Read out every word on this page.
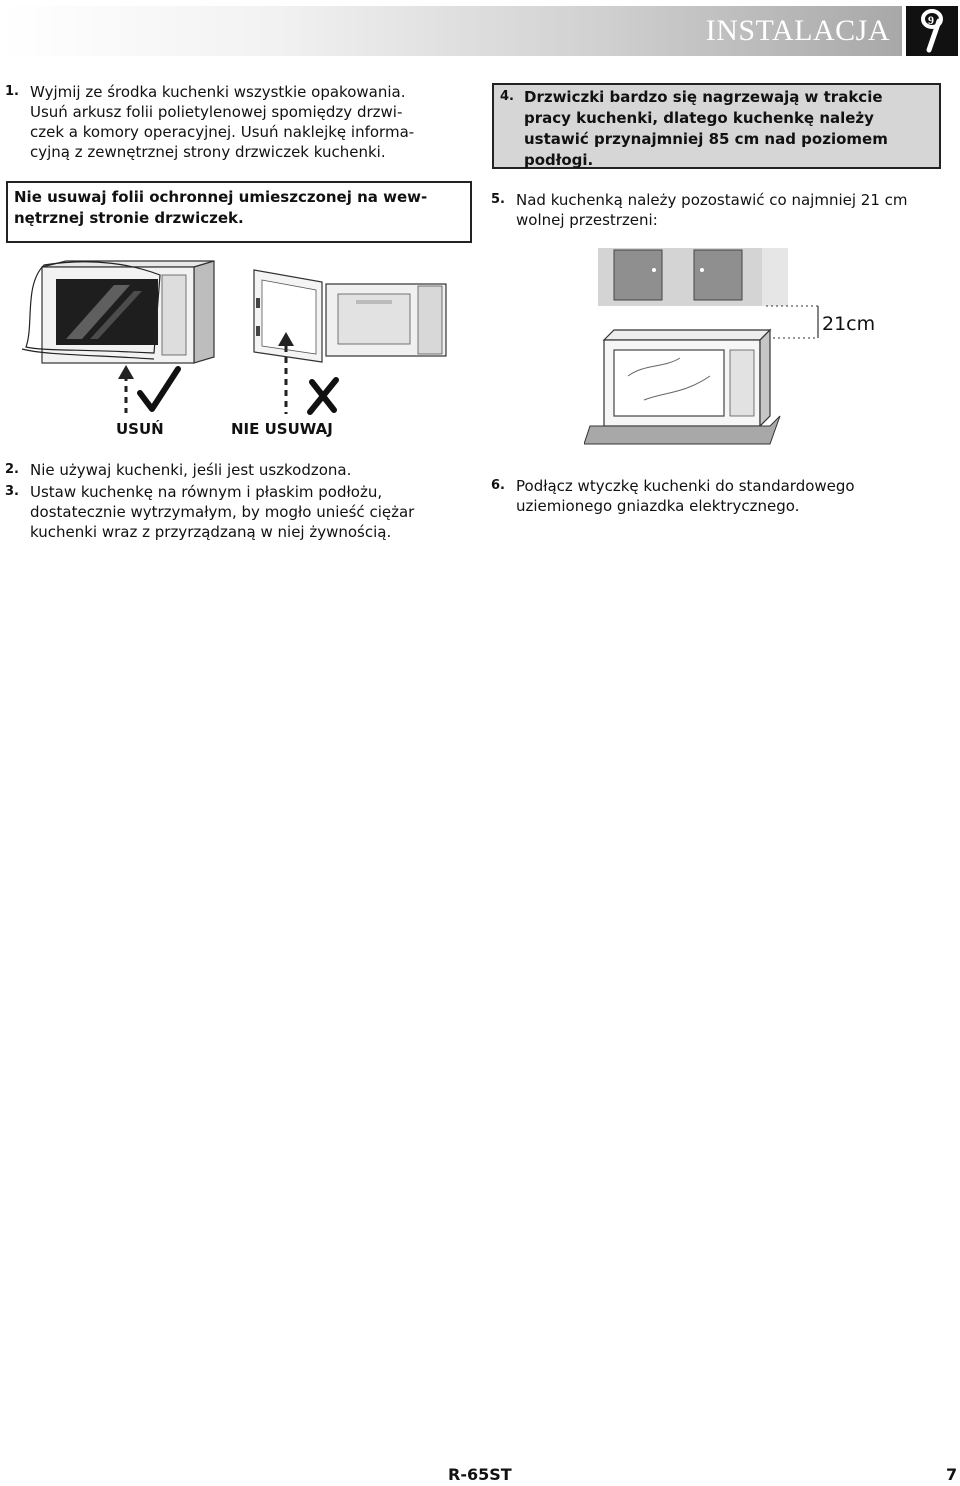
INSTALACJA	9
1. Wyjmij ze środka kuchenki wszystkie opakowania.
Usuń arkusz folii polietylenowej spomiędzy drzwi-
czek a komory operacyjnej. Usuń naklejkę informa-
cyjną z zewnętrznej strony drzwiczek kuchenki.
Nie usuwaj folii ochronnej umieszczonej na wew-
nętrznej stronie drzwiczek.
4. Drzwiczki bardzo się nagrzewają w trakcie
pracy kuchenki, dlatego kuchenkę należy
ustawić przynajmniej 85 cm nad poziomem
podłogi.
5. Nad kuchenką należy pozostawić co najmniej 21 cm
wolnej przestrzeni:
USUŃ	NIE USUWAJ
21cm
2. Nie używaj kuchenki, jeśli jest uszkodzona.
3. Ustaw kuchenkę na równym i płaskim podłożu,
dostatecznie wytrzymałym, by mogło unieść ciężar
kuchenki wraz z przyrządzaną w niej żywnością.
6. Podłącz wtyczkę kuchenki do standardowego
uziemionego gniazdka elektrycznego.
R-65ST	7
